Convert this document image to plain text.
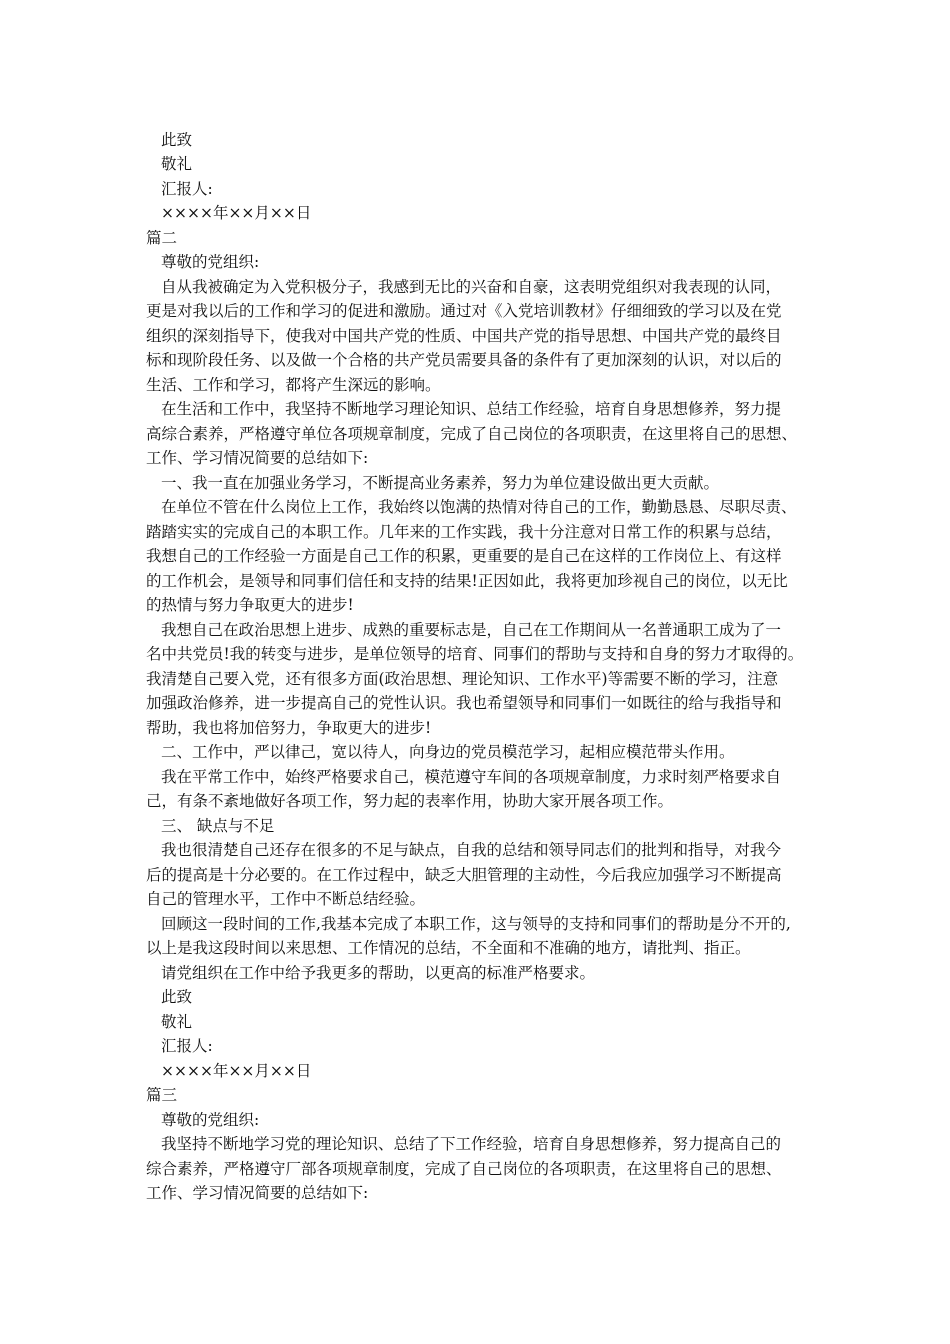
此致
敬礼
汇报人:
××××年××月××日
篇二
尊敬的党组织:
自从我被确定为入党积极分子，我感到无比的兴奋和自豪，这表明党组织对我表现的认同，
更是对我以后的工作和学习的促进和激励。通过对《入党培训教材》仔细细致的学习以及在党
组织的深刻指导下，使我对中国共产党的性质、中国共产党的指导思想、中国共产党的最终目
标和现阶段任务、以及做一个合格的共产党员需要具备的条件有了更加深刻的认识，对以后的
生活、工作和学习，都将产生深远的影响。
在生活和工作中，我坚持不断地学习理论知识、总结工作经验，培育自身思想修养，努力提
高综合素养，严格遵守单位各项规章制度，完成了自己岗位的各项职责，在这里将自己的思想、
工作、学习情况简要的总结如下:
一、我一直在加强业务学习，不断提高业务素养，努力为单位建设做出更大贡献。
在单位不管在什么岗位上工作，我始终以饱满的热情对待自己的工作，勤勤恳恳、尽职尽责、
踏踏实实的完成自己的本职工作。几年来的工作实践，我十分注意对日常工作的积累与总结，
我想自己的工作经验一方面是自己工作的积累，更重要的是自己在这样的工作岗位上、有这样
的工作机会，是领导和同事们信任和支持的结果!正因如此，我将更加珍视自己的岗位，以无比
的热情与努力争取更大的进步!
我想自己在政治思想上进步、成熟的重要标志是，自己在工作期间从一名普通职工成为了一
名中共党员!我的转变与进步，是单位领导的培育、同事们的帮助与支持和自身的努力才取得的。
我清楚自己要入党，还有很多方面(政治思想、理论知识、工作水平)等需要不断的学习，注意
加强政治修养，进一步提高自己的党性认识。我也希望领导和同事们一如既往的给与我指导和
帮助，我也将加倍努力，争取更大的进步!
二、工作中，严以律己，宽以待人，向身边的党员模范学习，起相应模范带头作用。
我在平常工作中，始终严格要求自己，模范遵守车间的各项规章制度，力求时刻严格要求自
己，有条不紊地做好各项工作，努力起的表率作用，协助大家开展各项工作。
三、 缺点与不足
我也很清楚自己还存在很多的不足与缺点，自我的总结和领导同志们的批判和指导，对我今
后的提高是十分必要的。在工作过程中，缺乏大胆管理的主动性，今后我应加强学习不断提高
自己的管理水平，工作中不断总结经验。
回顾这一段时间的工作,我基本完成了本职工作，这与领导的支持和同事们的帮助是分不开的,
以上是我这段时间以来思想、工作情况的总结，不全面和不准确的地方，请批判、指正。
请党组织在工作中给予我更多的帮助，以更高的标准严格要求。
此致
敬礼
汇报人:
××××年××月××日
篇三
尊敬的党组织:
我坚持不断地学习党的理论知识、总结了下工作经验，培育自身思想修养，努力提高自己的
综合素养，严格遵守厂部各项规章制度，完成了自己岗位的各项职责，在这里将自己的思想、
工作、学习情况简要的总结如下:
